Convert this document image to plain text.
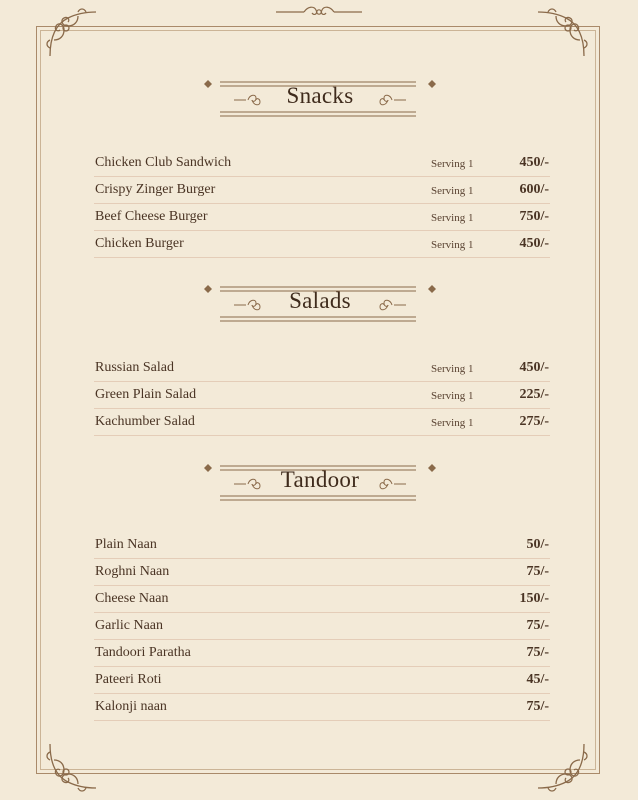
Snacks
Chicken Club Sandwich	Serving 1	450/-
Crispy Zinger Burger	Serving 1	600/-
Beef Cheese Burger	Serving 1	750/-
Chicken Burger	Serving 1	450/-
Salads
Russian Salad	Serving 1	450/-
Green Plain Salad	Serving 1	225/-
Kachumber Salad	Serving 1	275/-
Tandoor
Plain Naan	50/-
Roghni Naan	75/-
Cheese Naan	150/-
Garlic Naan	75/-
Tandoori Paratha	75/-
Pateeri Roti	45/-
Kalonji naan	75/-
